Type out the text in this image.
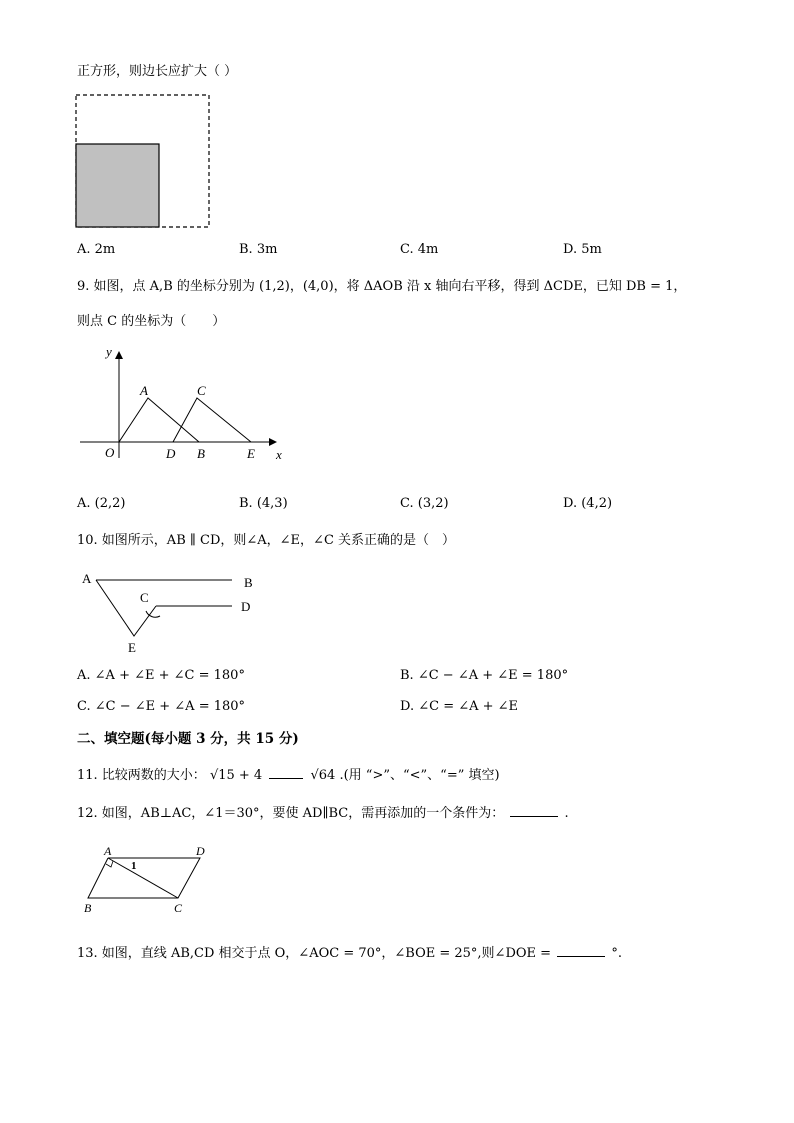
正方形，则边长应扩大（ ）
A. 2m	B. 3m	C. 4m	D. 5m
9. 如图，点 A,B 的坐标分别为 (1,2)，(4,0)，将 ΔAOB 沿 x 轴向右平移，得到 ΔCDE，已知 DB = 1，
则点 C 的坐标为（　　）
y
x
O
A	C
D B	E
A. (2,2)	B. (4,3)	C. (3,2)	D. (4,2)
10. 如图所示，AB ∥ CD，则∠A，∠E，∠C 关系正确的是（　）
A	B
C
D
E
A. ∠A + ∠E + ∠C = 180°	B. ∠C − ∠A + ∠E = 180°
C. ∠C − ∠E + ∠A = 180°	D. ∠C = ∠A + ∠E
二、填空题(每小题 3 分，共 15 分)
11. 比较两数的大小： √15 + 4	√64 .(用 “>”、“<”、“=” 填空)
12. 如图，AB⊥AC，∠1＝30°，要使 AD∥BC，需再添加的一个条件为：	.
A	D
B	C
1
13. 如图，直线 AB,CD 相交于点 O，∠AOC = 70°，∠BOE = 25°,则∠DOE =	°.
